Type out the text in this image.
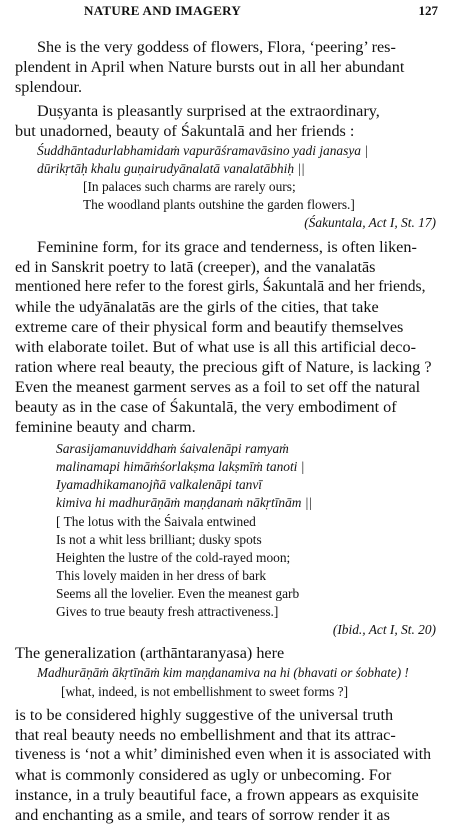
NATURE AND IMAGERY	127
She is the very goddess of flowers, Flora, ‘peering’ res-
plendent in April when Nature bursts out in all her abundant
splendour.
Duṣyanta is pleasantly surprised at the extraordinary,
but unadorned, beauty of Śakuntalā and her friends :
Śuddhāntadurlabhamidaṁ vapurāśramavāsino yadi janasya |
dūrikṛtāḥ khalu guṇairudyānalatā vanalatābhiḥ ||
[In palaces such charms are rarely ours;
The woodland plants outshine the garden flowers.]
(Śakuntala, Act I, St. 17)
Feminine form, for its grace and tenderness, is often liken-
ed in Sanskrit poetry to latā (creeper), and the vanalatās
mentioned here refer to the forest girls, Śakuntalā and her friends,
while the udyānalatās are the girls of the cities, that take
extreme care of their physical form and beautify themselves
with elaborate toilet. But of what use is all this artificial deco-
ration where real beauty, the precious gift of Nature, is lacking ?
Even the meanest garment serves as a foil to set off the natural
beauty as in the case of Śakuntalā, the very embodiment of
feminine beauty and charm.
Sarasijamanuviddhaṁ śaivalenāpi ramyaṁ
malinamapi himāṁśorlakṣma lakṣmīṁ tanoti |
Iyamadhikamanojñā valkalenāpi tanvī
kimiva hi madhurāṇāṁ maṇḍanaṁ nākṛtīnām ||
[ The lotus with the Śaivala entwined
Is not a whit less brilliant; dusky spots
Heighten the lustre of the cold-rayed moon;
This lovely maiden in her dress of bark
Seems all the lovelier. Even the meanest garb
Gives to true beauty fresh attractiveness.]
(Ibid., Act I, St. 20)
The generalization (arthāntaranyasa) here
Madhurāṇāṁ ākṛtīnāṁ kim maṇḍanamiva na hi (bhavati or śobhate) !
[what, indeed, is not embellishment to sweet forms ?]
is to be considered highly suggestive of the universal truth
that real beauty needs no embellishment and that its attrac-
tiveness is ‘not a whit’ diminished even when it is associated with
what is commonly considered as ugly or unbecoming. For
instance, in a truly beautiful face, a frown appears as exquisite
and enchanting as a smile, and tears of sorrow render it as
